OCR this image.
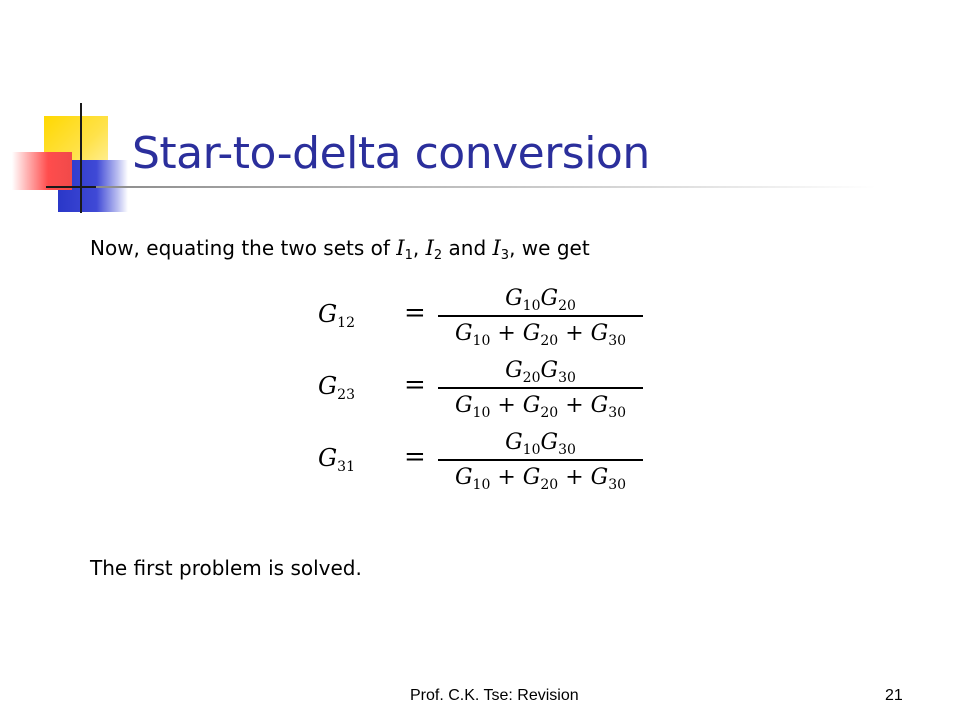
Star-to-delta conversion
Now, equating the two sets of $I_1$, $I_2$ and $I_3$, we get
$G_{12}$ =	$G_{10}G_{20}$
$G_{10} + G_{20} + G_{30}$
$G_{23}$ =	$G_{20}G_{30}$
$G_{10} + G_{20} + G_{30}$
$G_{31}$ =	$G_{10}G_{30}$
$G_{10} + G_{20} + G_{30}$
The first problem is solved.
Prof. C.K. Tse: Revision	21
